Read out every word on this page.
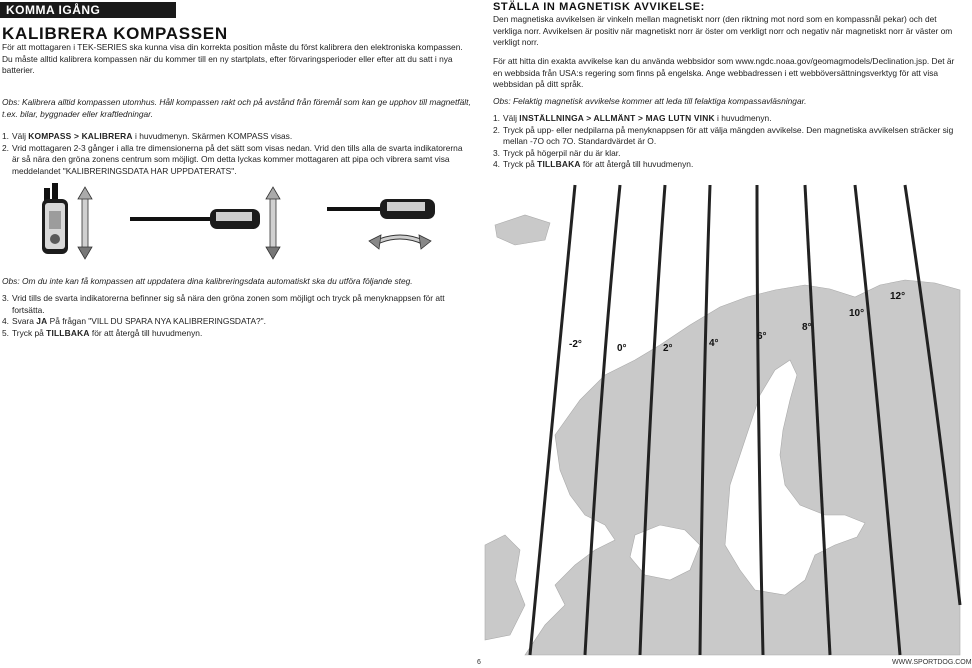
KOMMA IGÅNG
KALIBRERA KOMPASSEN
För att mottagaren i TEK-SERIES ska kunna visa din korrekta position måste du först kalibrera den elektroniska kompassen. Du måste alltid kalibrera kompassen när du kommer till en ny startplats, efter förvaringsperioder eller efter att du satt i nya batterier.
Obs: Kalibrera alltid kompassen utomhus. Håll kompassen rakt och på avstånd från föremål som kan ge upphov till magnetfält, t.ex. bilar, byggnader eller kraftledningar.
1. Välj KOMPASS > KALIBRERA i huvudmenyn. Skärmen KOMPASS visas.
2. Vrid mottagaren 2-3 gånger i alla tre dimensionerna på det sätt som visas nedan. Vrid den tills alla de svarta indikatorerna är så nära den gröna zonens centrum som möjligt. Om detta lyckas kommer mottagaren att pipa och vibrera samt visa meddelandet "KALIBRERINGSDATA HAR UPPDATERATS".
Obs: Om du inte kan få kompassen att uppdatera dina kalibreringsdata automatiskt ska du utföra följande steg.
3. Vrid tills de svarta indikatorerna befinner sig så nära den gröna zonen som möjligt och tryck på menyknappsen för att fortsätta.
4. Svara JA På frågan "VILL DU SPARA NYA KALIBRERINGSDATA?".
5. Tryck på TILLBAKA för att återgå till huvudmenyn.
STÄLLA IN MAGNETISK AVVIKELSE:
Den magnetiska avvikelsen är vinkeln mellan magnetiskt norr (den riktning mot nord som en kompassnål pekar) och det verkliga norr. Avvikelsen är positiv när magnetiskt norr är öster om verkligt norr och negativ när magnetiskt norr är väster om verkligt norr.
För att hitta din exakta avvikelse kan du använda webbsidor som www.ngdc.noaa.gov/geomagmodels/Declination.jsp. Det är en webbsida från USA:s regering som finns på engelska. Ange webbadressen i ett webböversättningsverktyg för att visa webbsidan på ditt språk.
Obs: Felaktig magnetisk avvikelse kommer att leda till felaktiga kompassavläsningar.
1. Välj INSTÄLLNINGA > ALLMÄNT > MAG LUTN VINK i huvudmenyn.
2. Tryck på upp- eller nedpilarna på menyknappsen för att välja mängden avvikelse. Den magnetiska avvikelsen sträcker sig mellan -7O och 7O. Standardvärdet är O.
3. Tryck på högerpil när du är klar.
4. Tryck på TILLBAKA för att återgå till huvudmenyn.
-2°	0°	2°	4°
6°
8°
10°
12°
6	WWW.SPORTDOG.COM
